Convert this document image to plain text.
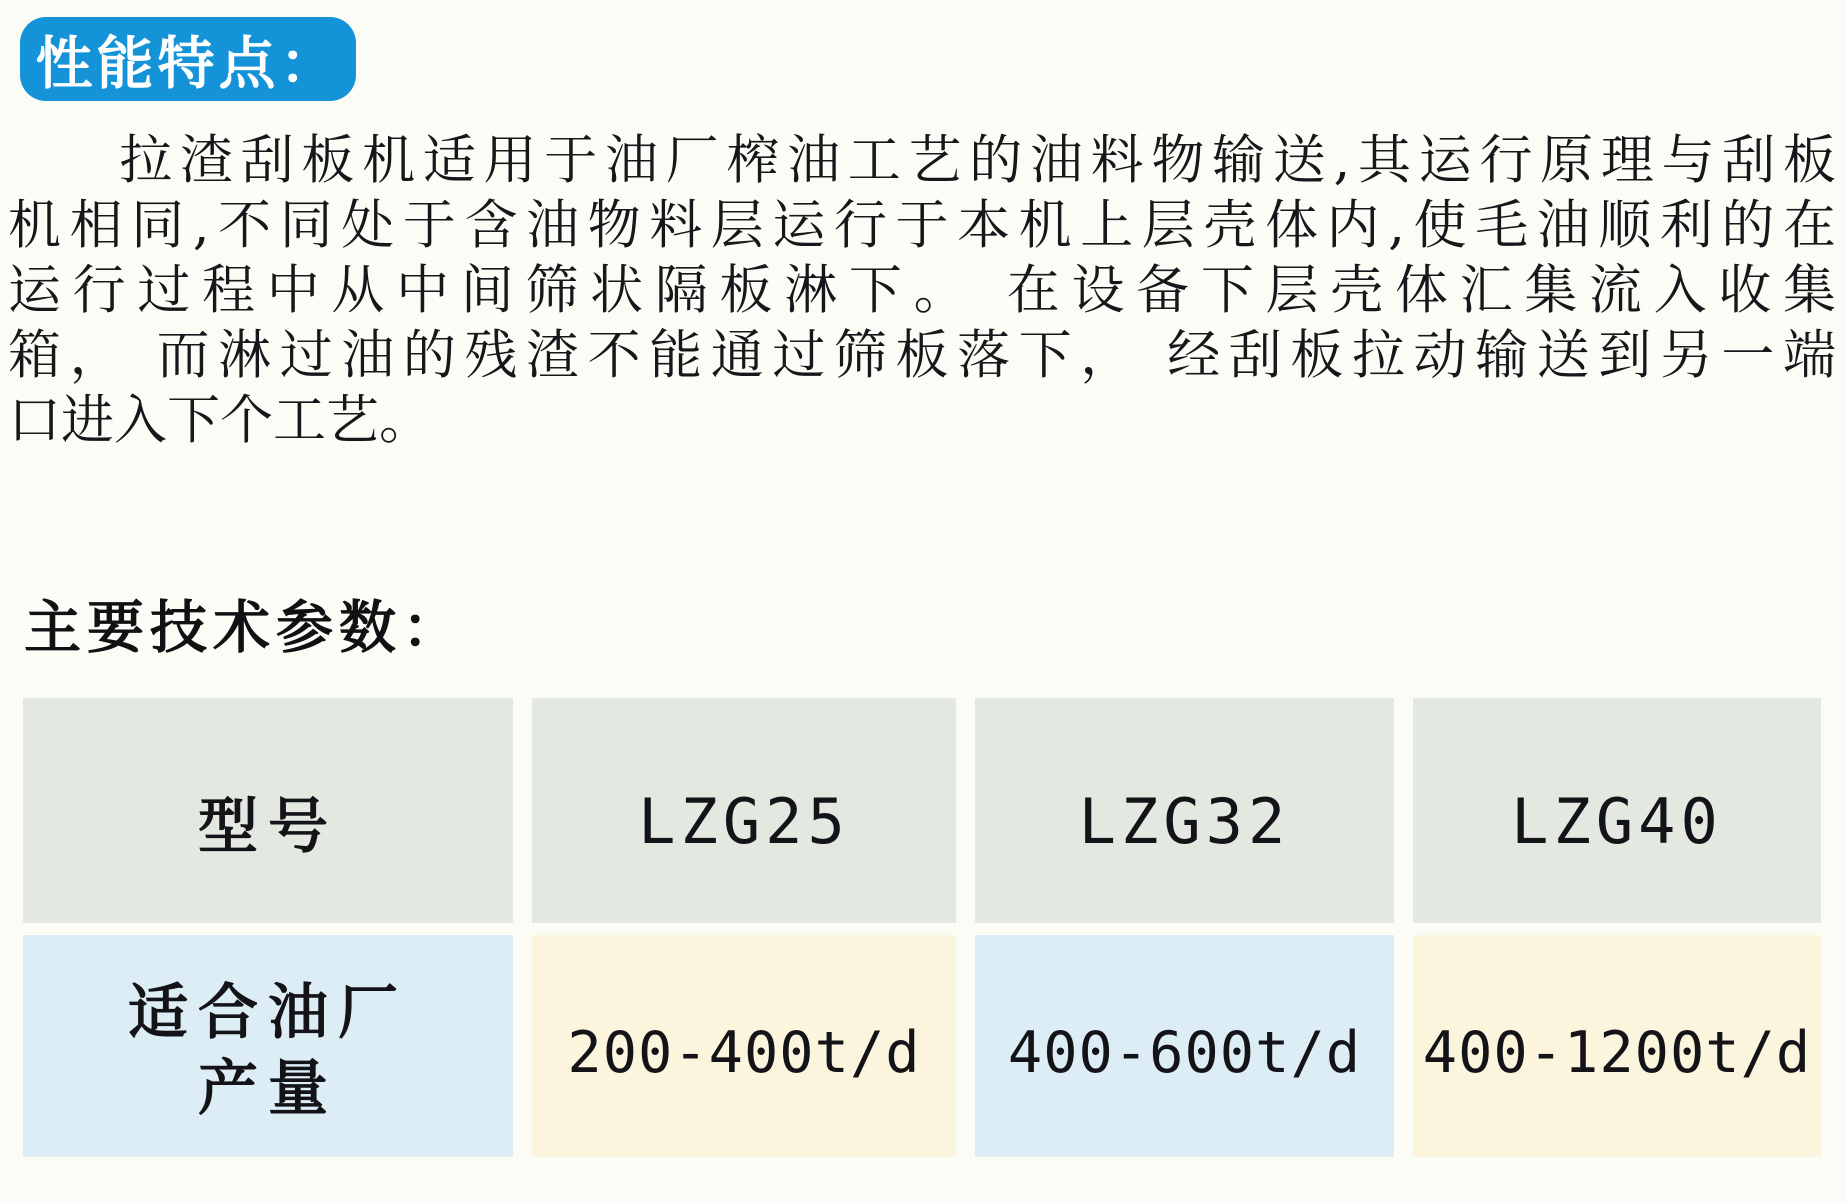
性能特点：
拉渣刮板机适用于油厂榨油工艺的油料物输送,其运行原理与刮板
机相同,不同处于含油物料层运行于本机上层壳体内,使毛油顺利的在
运行过程中从中间筛状隔板淋下。 在设备下层壳体汇集流入收集
箱， 而淋过油的残渣不能通过筛板落下， 经刮板拉动输送到另一端
口进入下个工艺。
主要技术参数：
型号	LZG25	LZG32	LZG40
适合油厂
产量
200-400t/d	400-600t/d	400-1200t/d
